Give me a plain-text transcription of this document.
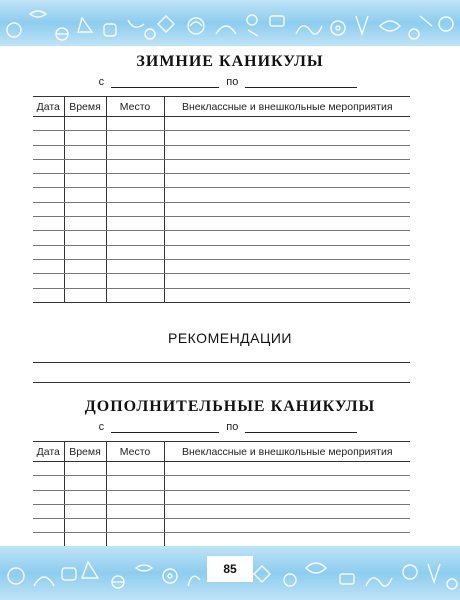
ЗИМНИЕ КАНИКУЛЫ
с	по
Дата	Время	Место	Внеклассные и внешкольные мероприятия

РЕКОМЕНДАЦИИ
ДОПОЛНИТЕЛЬНЫЕ КАНИКУЛЫ
с	по
Дата	Время	Место	Внеклассные и внешкольные мероприятия

85
